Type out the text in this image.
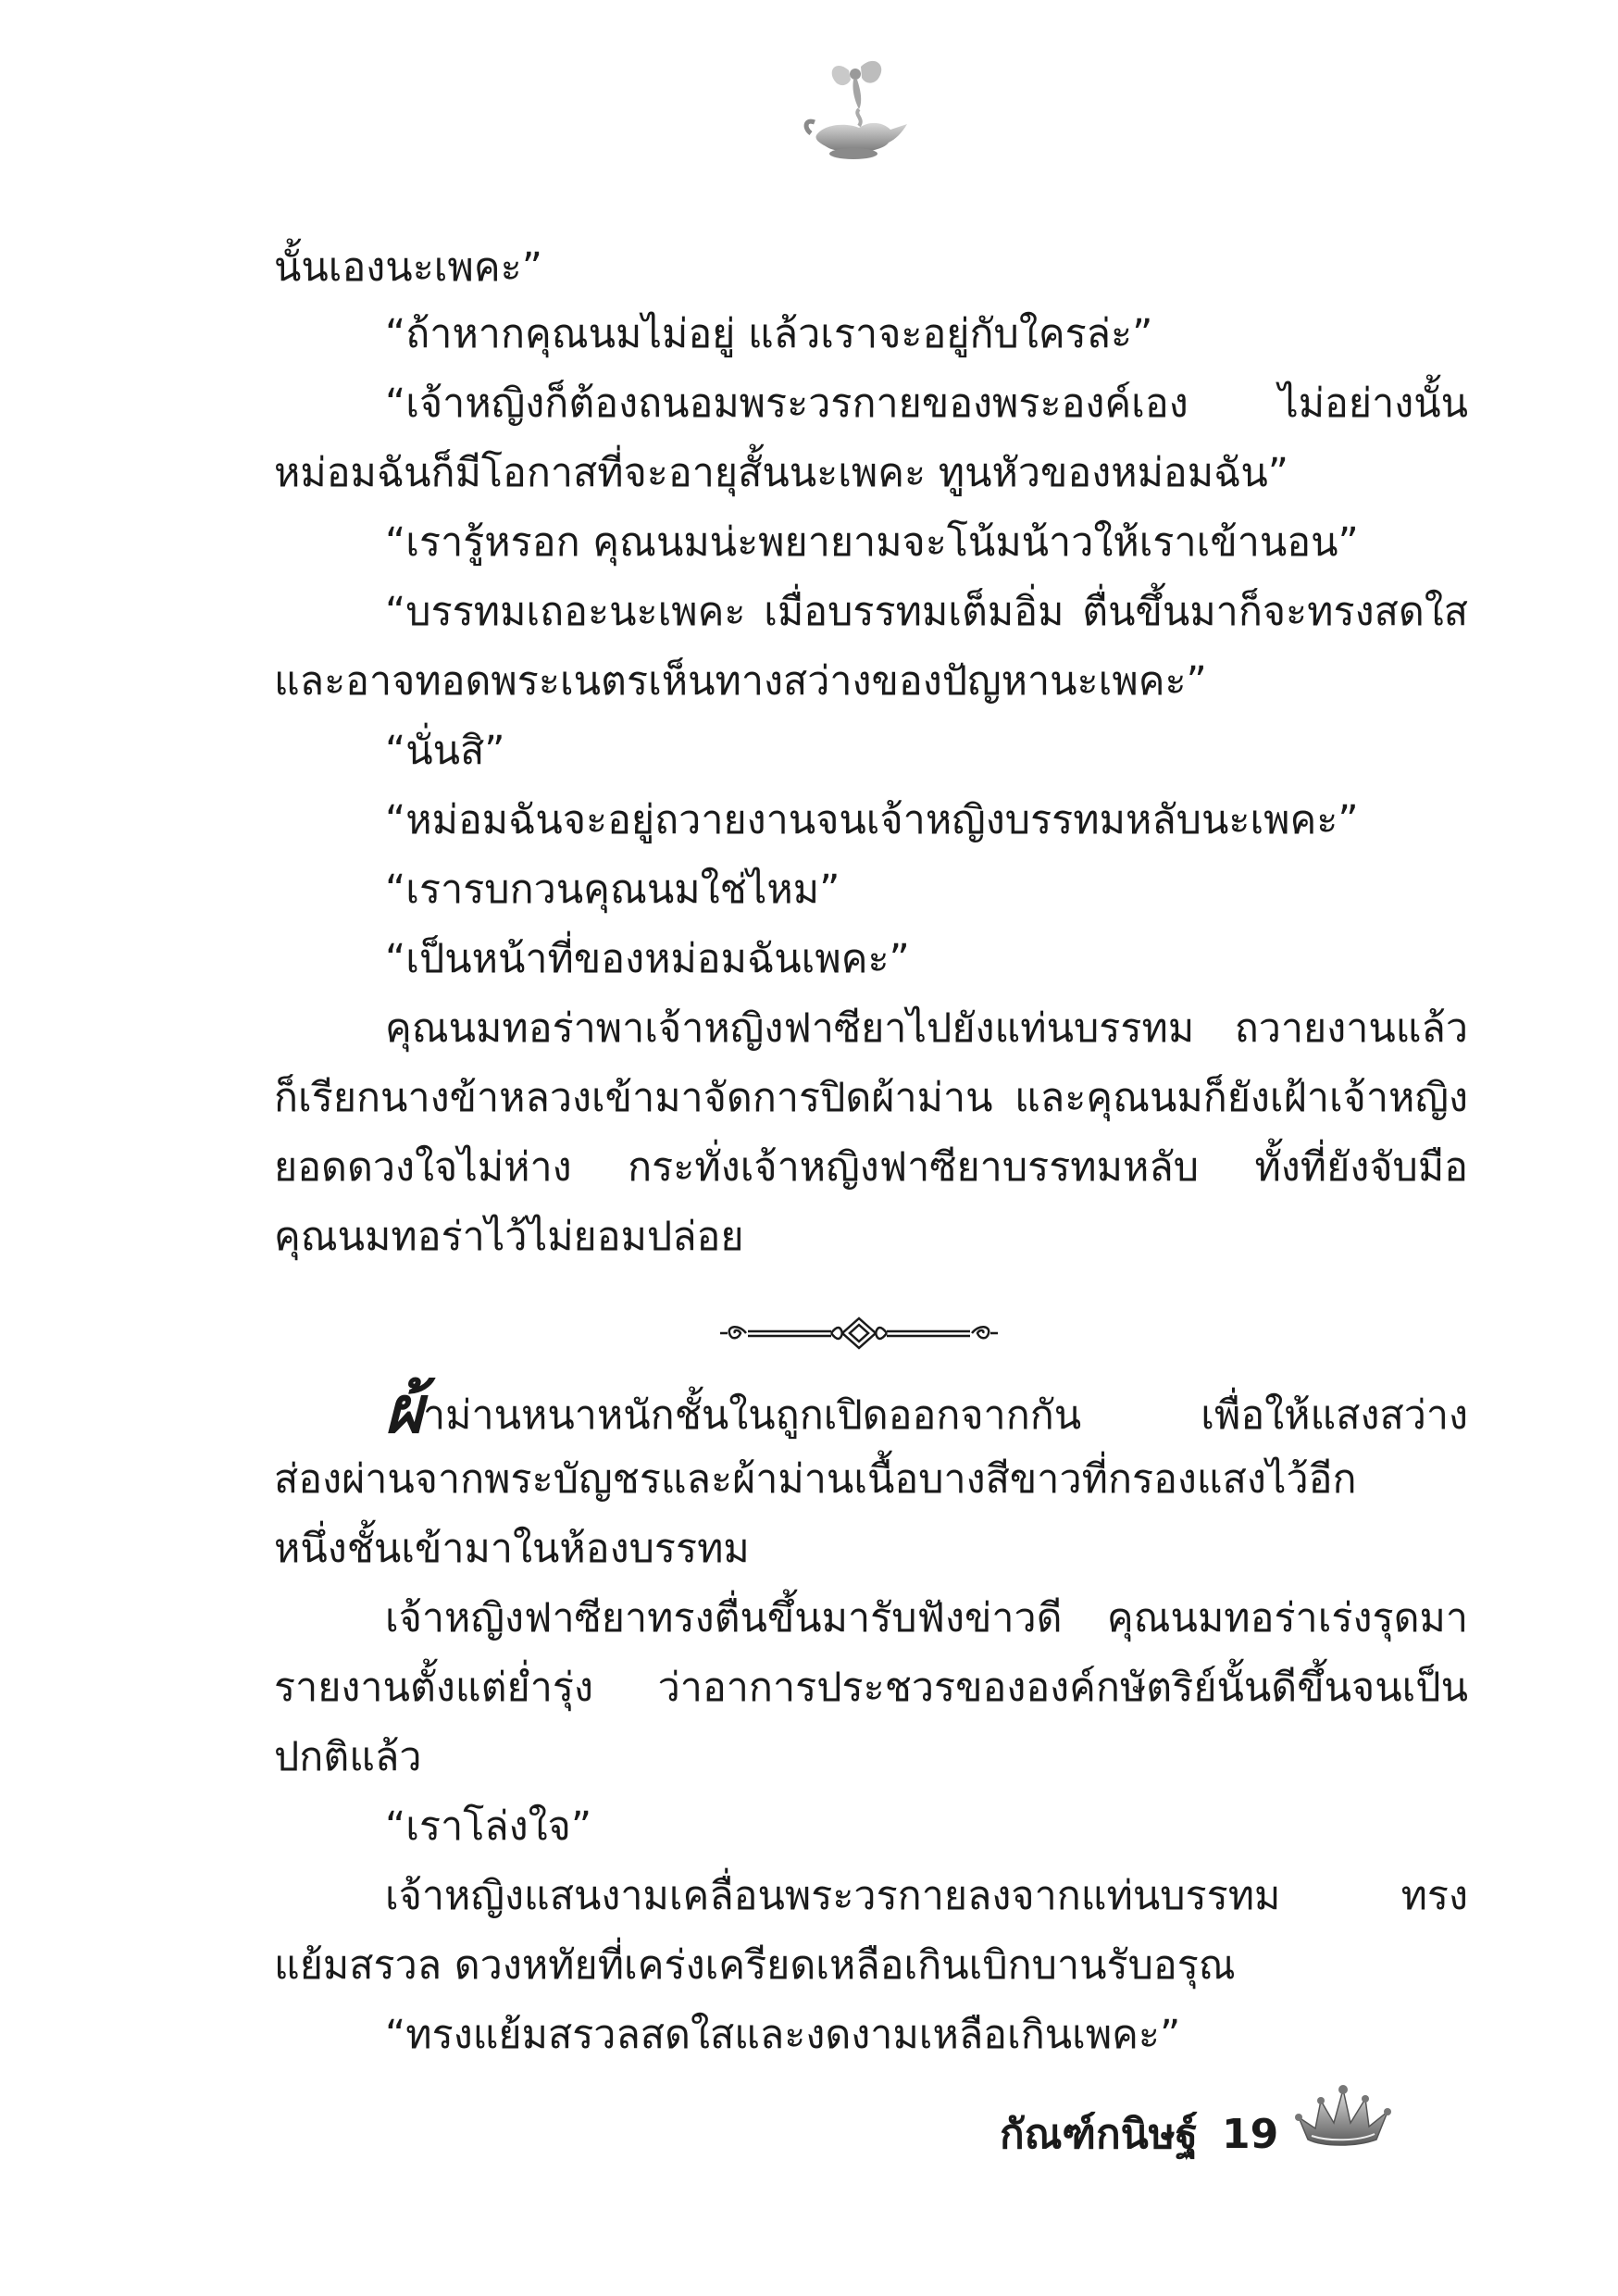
นั้นเองนะเพคะ”
“ถ้าหากคุณนมไม่อยู่ แล้วเราจะอยู่กับใครล่ะ”
“เจ้าหญิงก็ต้องถนอมพระวรกายของพระองค์เอง ไม่อย่างนั้น
หม่อมฉันก็มีโอกาสที่จะอายุสั้นนะเพคะ ทูนหัวของหม่อมฉัน”
“เรารู้หรอก คุณนมน่ะพยายามจะโน้มน้าวให้เราเข้านอน”
“บรรทมเถอะนะเพคะ เมื่อบรรทมเต็มอิ่ม ตื่นขึ้นมาก็จะทรงสดใส
และอาจทอดพระเนตรเห็นทางสว่างของปัญหานะเพคะ”
“นั่นสิ”
“หม่อมฉันจะอยู่ถวายงานจนเจ้าหญิงบรรทมหลับนะเพคะ”
“เรารบกวนคุณนมใช่ไหม”
“เป็นหน้าที่ของหม่อมฉันเพคะ”
คุณนมทอร่าพาเจ้าหญิงฟาซียาไปยังแท่นบรรทม ถวายงานแล้ว
ก็เรียกนางข้าหลวงเข้ามาจัดการปิดผ้าม่าน และคุณนมก็ยังเฝ้าเจ้าหญิง
ยอดดวงใจไม่ห่าง กระทั่งเจ้าหญิงฟาซียาบรรทมหลับ ทั้งที่ยังจับมือ
คุณนมทอร่าไว้ไม่ยอมปล่อย
ผ้าม่านหนาหนักชั้นในถูกเปิดออกจากกัน เพื่อให้แสงสว่าง
ส่องผ่านจากพระบัญชรและผ้าม่านเนื้อบางสีขาวที่กรองแสงไว้อีก
หนึ่งชั้นเข้ามาในห้องบรรทม
เจ้าหญิงฟาซียาทรงตื่นขึ้นมารับฟังข่าวดี คุณนมทอร่าเร่งรุดมา
รายงานตั้งแต่ย่ำรุ่ง ว่าอาการประชวรขององค์กษัตริย์นั้นดีขึ้นจนเป็น
ปกติแล้ว
“เราโล่งใจ”
เจ้าหญิงแสนงามเคลื่อนพระวรกายลงจากแท่นบรรทม ทรง
แย้มสรวล ดวงหทัยที่เคร่งเครียดเหลือเกินเบิกบานรับอรุณ
“ทรงแย้มสรวลสดใสและงดงามเหลือเกินเพคะ”
กัณฑ์กนิษฐ์ 19
